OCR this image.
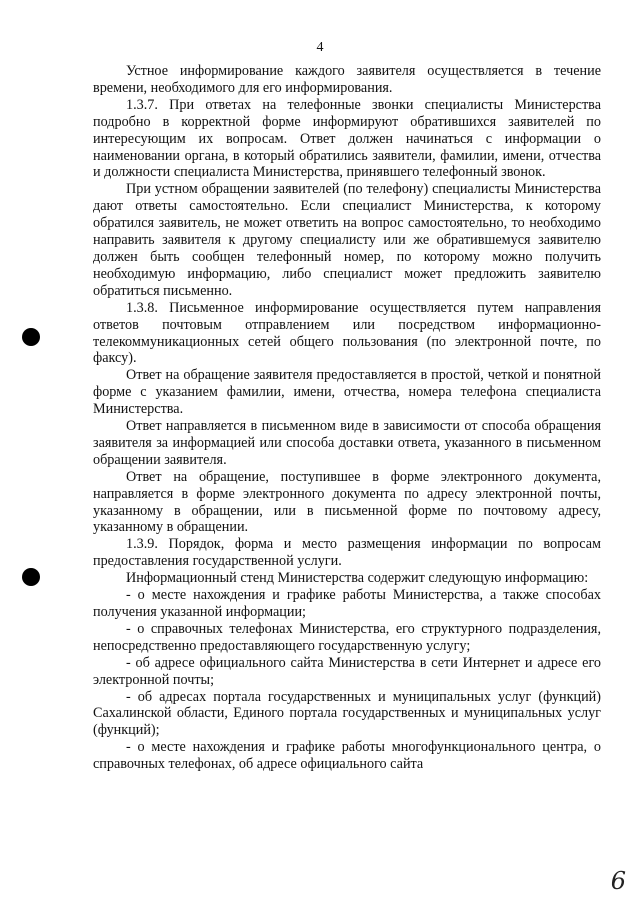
4

Устное информирование каждого заявителя осуществляется в течение времени, необходимого для его информирования.

1.3.7. При ответах на телефонные звонки специалисты Министерства подробно в корректной форме информируют обратившихся заявителей по интересующим их вопросам. Ответ должен начинаться с информации о наименовании органа, в который обратились заявители, фамилии, имени, отчества и должности специалиста Министерства, принявшего телефонный звонок.

При устном обращении заявителей (по телефону) специалисты Министерства дают ответы самостоятельно. Если специалист Министерства, к которому обратился заявитель, не может ответить на вопрос самостоятельно, то необходимо направить заявителя к другому специалисту или же обратившемуся заявителю должен быть сообщен телефонный номер, по которому можно получить необходимую информацию, либо специалист может предложить заявителю обратиться письменно.

1.3.8. Письменное информирование осуществляется путем направления ответов почтовым отправлением или посредством информационно-телекоммуникационных сетей общего пользования (по электронной почте, по факсу).

Ответ на обращение заявителя предоставляется в простой, четкой и понятной форме с указанием фамилии, имени, отчества, номера телефона специалиста Министерства.

Ответ направляется в письменном виде в зависимости от способа обращения заявителя за информацией или способа доставки ответа, указанного в письменном обращении заявителя.

Ответ на обращение, поступившее в форме электронного документа, направляется в форме электронного документа по адресу электронной почты, указанному в обращении, или в письменной форме по почтовому адресу, указанному в обращении.

1.3.9. Порядок, форма и место размещения информации по вопросам предоставления государственной услуги.

Информационный стенд Министерства содержит следующую информацию:

- о месте нахождения и графике работы Министерства, а также способах получения указанной информации;

- о справочных телефонах Министерства, его структурного подразделения, непосредственно предоставляющего государственную услугу;

- об адресе официального сайта Министерства в сети Интернет и адресе его электронной почты;

- об адресах портала государственных и муниципальных услуг (функций) Сахалинской области, Единого портала государственных и муниципальных услуг (функций);

- о месте нахождения и графике работы многофункционального центра, о справочных телефонах, об адресе официального сайта

6
